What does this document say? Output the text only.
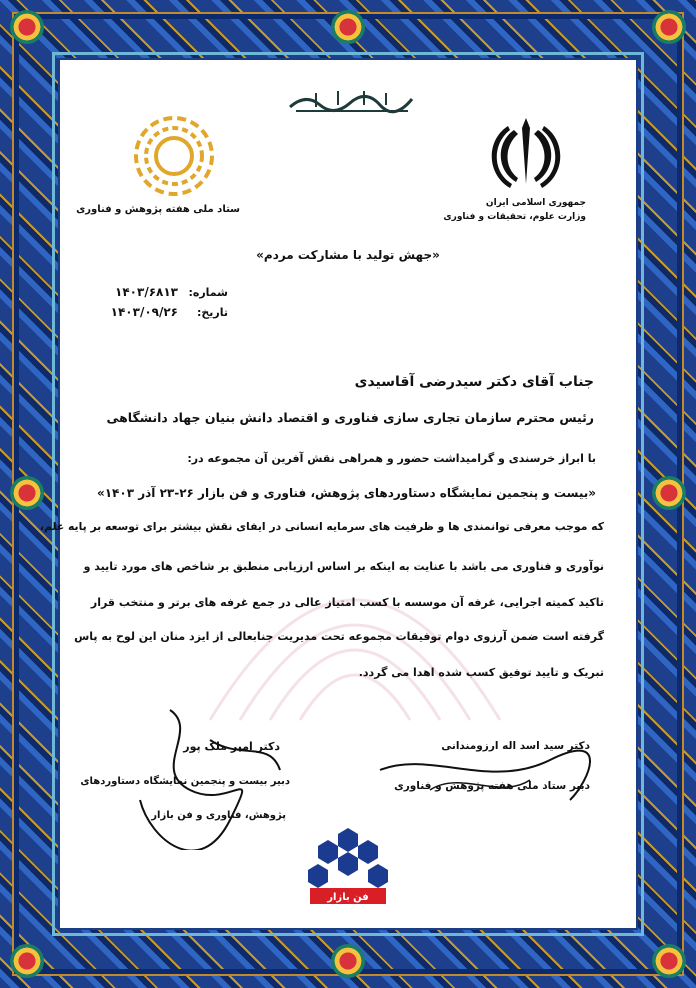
ستاد ملی هفته پژوهش و فناوری
جمهوری اسلامی ایران
وزارت علوم، تحقیقات و فناوری
«جهش تولید با مشارکت مردم»
شماره:
۱۴۰۳/۶۸۱۳
تاریخ:
۱۴۰۳/۰۹/۲۶
جناب آقای دکتر سیدرضی آقاسیدی
رئیس محترم سازمان تجاری سازی فناوری و اقتصاد دانش بنیان جهاد دانشگاهی
با ابراز خرسندی و گرامیداشت حضور و همراهی نقش آفرین آن مجموعه در:
«بیست و پنجمین نمایشگاه دستاوردهای پژوهش، فناوری و فن بازار ۲۶-۲۳ آذر ۱۴۰۳»
که موجب معرفی توانمندی ها و ظرفیت های سرمایه انسانی در ایفای نقش بیشتر برای توسعه بر پایه علم،
نوآوری و فناوری می باشد با عنایت به اینکه بر اساس ارزیابی منطبق بر شاخص های مورد تایید و
تاکید کمیته اجرایی، غرفه آن موسسه با کسب امتیاز عالی در جمع غرفه های برتر و منتخب قرار
گرفته است ضمن آرزوی دوام توفیقات مجموعه تحت مدیریت جنابعالی از ایزد منان این لوح به پاس
تبریک و تایید توفیق کسب شده اهدا می گردد.
دکتر امیر ملک پور
دبیر بیست و پنجمین نمایشگاه دستاوردهای
پژوهش، فناوری و فن بازار
دکتر سید اسد اله ارزومندانی
دبیر ستاد ملی هفته پژوهش و فناوری
فن بازار
